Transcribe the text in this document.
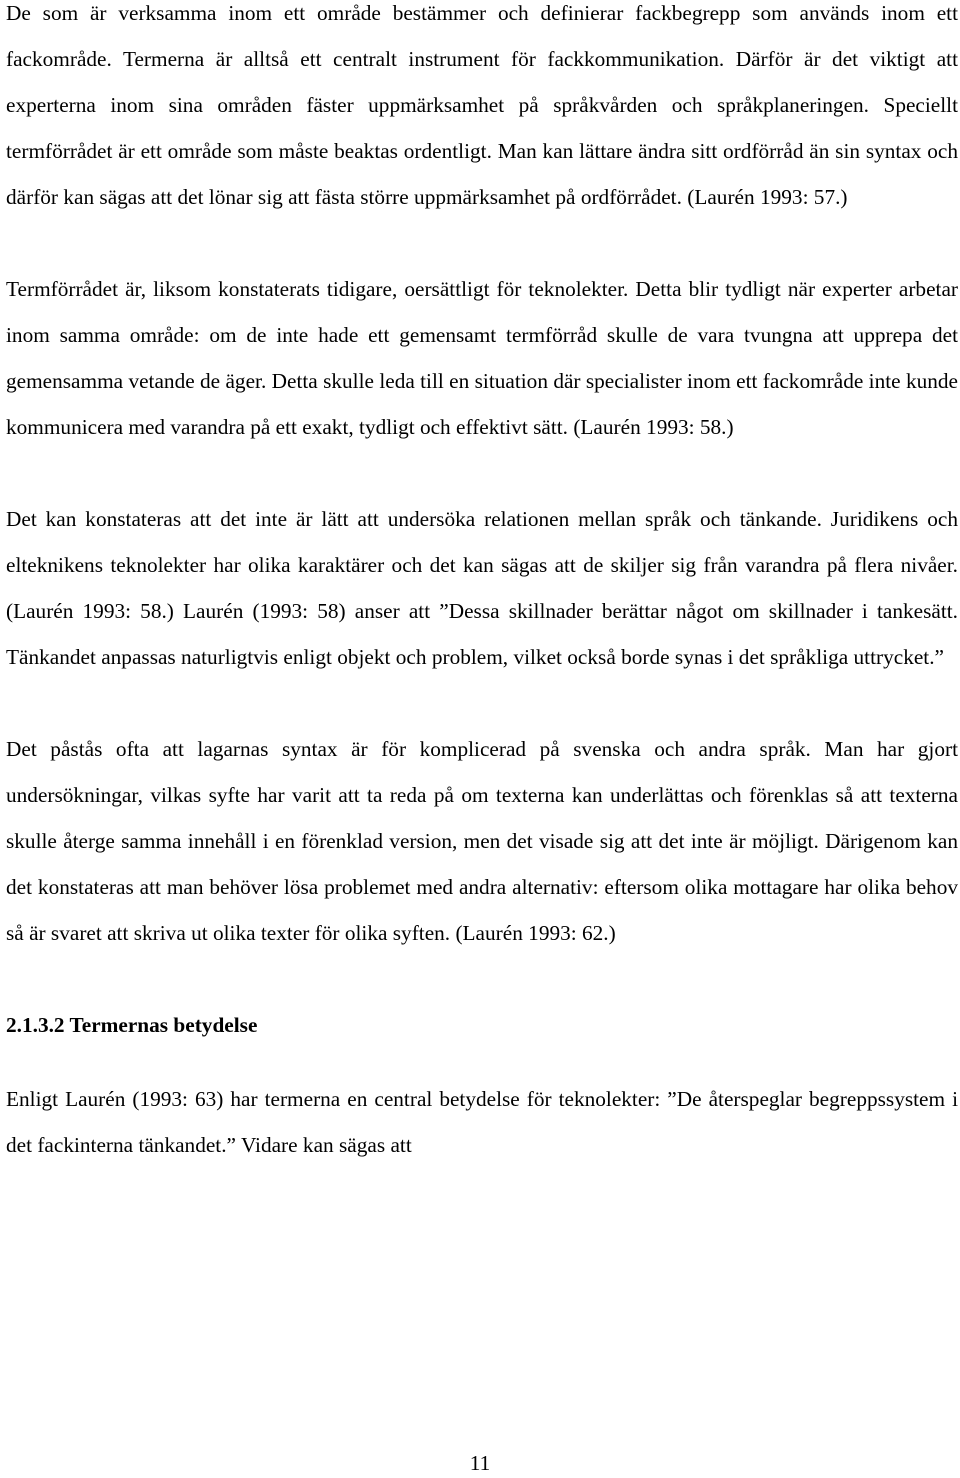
De som är verksamma inom ett område bestämmer och definierar fackbegrepp som används inom ett fackområde. Termerna är alltså ett centralt instrument för fackkommunikation. Därför är det viktigt att experterna inom sina områden fäster uppmärksamhet på språkvården och språkplaneringen. Speciellt termförrådet är ett område som måste beaktas ordentligt. Man kan lättare ändra sitt ordförråd än sin syntax och därför kan sägas att det lönar sig att fästa större uppmärksamhet på ordförrådet. (Laurén 1993: 57.)

Termförrådet är, liksom konstaterats tidigare, oersättligt för teknolekter. Detta blir tydligt när experter arbetar inom samma område: om de inte hade ett gemensamt termförråd skulle de vara tvungna att upprepa det gemensamma vetande de äger. Detta skulle leda till en situation där specialister inom ett fackområde inte kunde kommunicera med varandra på ett exakt, tydligt och effektivt sätt. (Laurén 1993: 58.)

Det kan konstateras att det inte är lätt att undersöka relationen mellan språk och tänkande. Juridikens och elteknikens teknolekter har olika karaktärer och det kan sägas att de skiljer sig från varandra på flera nivåer. (Laurén 1993: 58.) Laurén (1993: 58) anser att ”Dessa skillnader berättar något om skillnader i tankesätt. Tänkandet anpassas naturligtvis enligt objekt och problem, vilket också borde synas i det språkliga uttrycket.”

Det påstås ofta att lagarnas syntax är för komplicerad på svenska och andra språk. Man har gjort undersökningar, vilkas syfte har varit att ta reda på om texterna kan underlättas och förenklas så att texterna skulle återge samma innehåll i en förenklad version, men det visade sig att det inte är möjligt. Därigenom kan det konstateras att man behöver lösa problemet med andra alternativ: eftersom olika mottagare har olika behov så är svaret att skriva ut olika texter för olika syften. (Laurén 1993: 62.)

2.1.3.2 Termernas betydelse

Enligt Laurén (1993: 63) har termerna en central betydelse för teknolekter: ”De återspeglar begreppssystem i det fackinterna tänkandet.” Vidare kan sägas att

11
